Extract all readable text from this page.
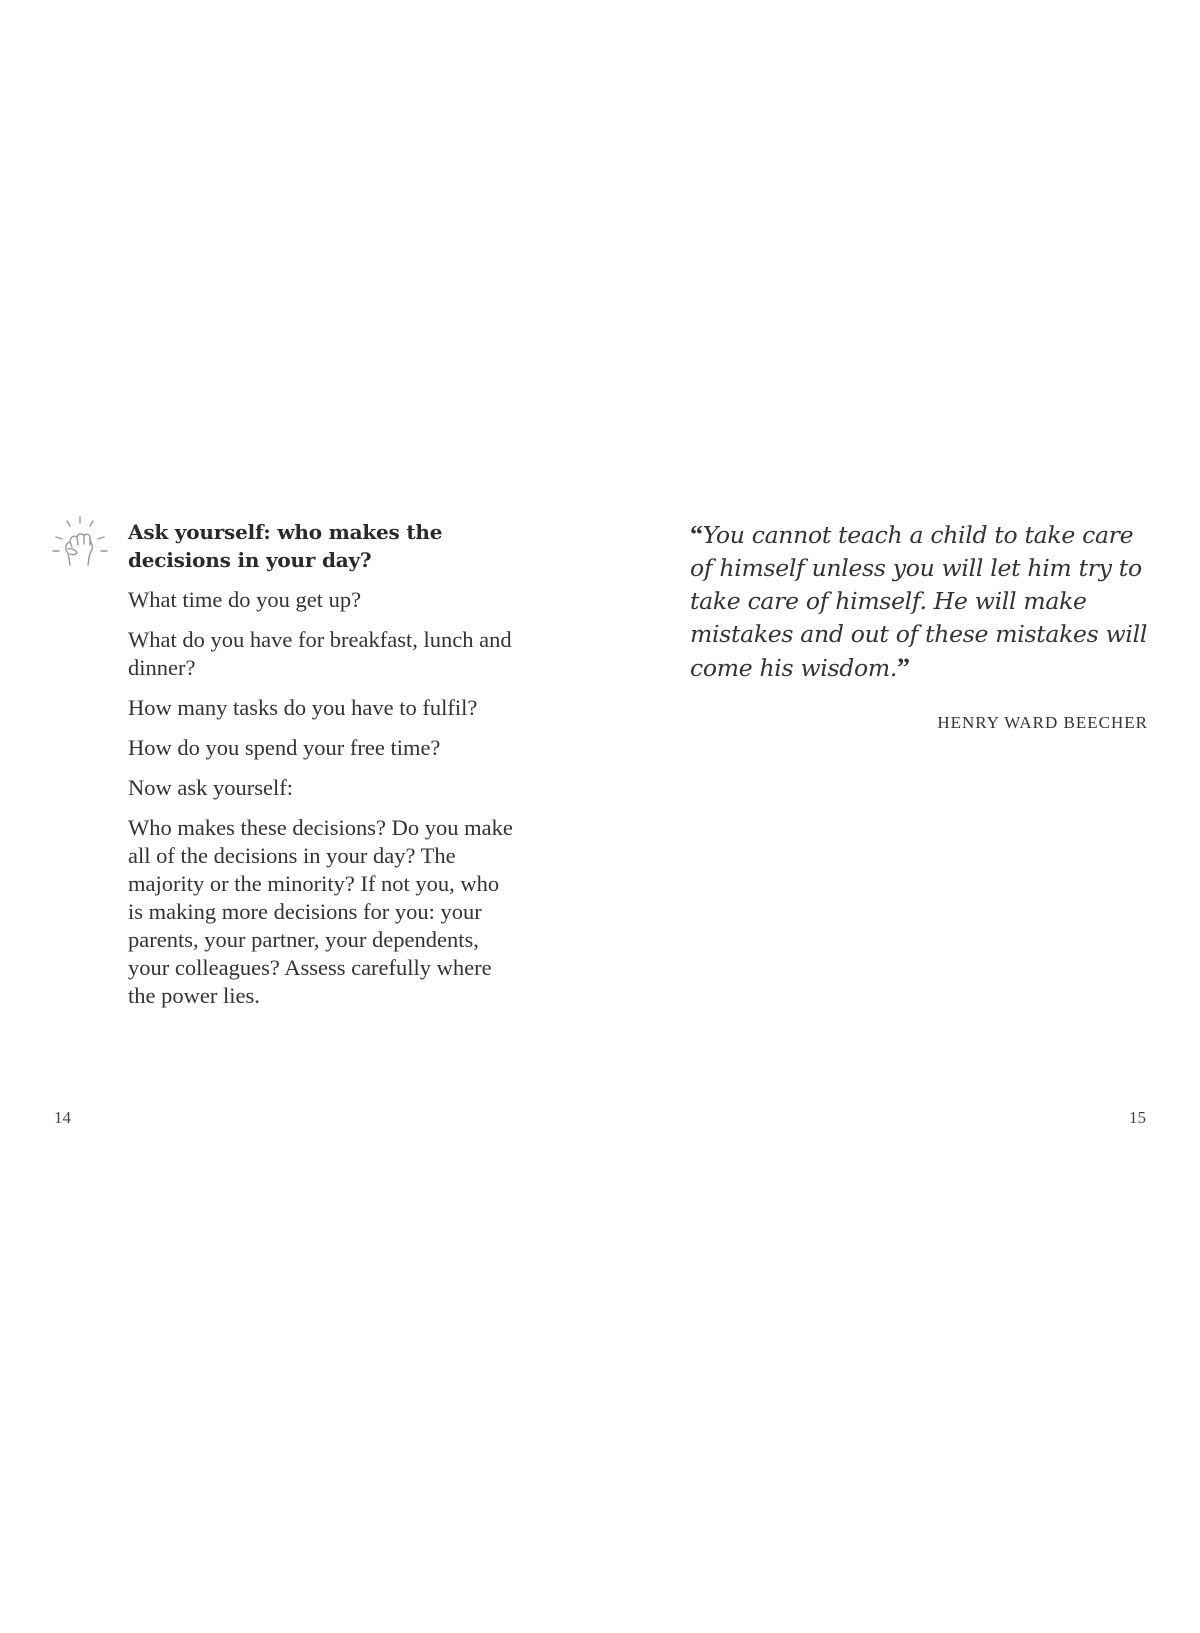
Ask yourself: who makes the decisions in your day?

What time do you get up?

What do you have for breakfast, lunch and dinner?

How many tasks do you have to fulfil?

How do you spend your free time?

Now ask yourself:

Who makes these decisions? Do you make all of the decisions in your day? The majority or the minority? If not you, who is making more decisions for you: your parents, your partner, your dependents, your colleagues? Assess carefully where the power lies.

“You cannot teach a child to take care of himself unless you will let him try to take care of himself. He will make mistakes and out of these mistakes will come his wisdom.”

HENRY WARD BEECHER
14	15
